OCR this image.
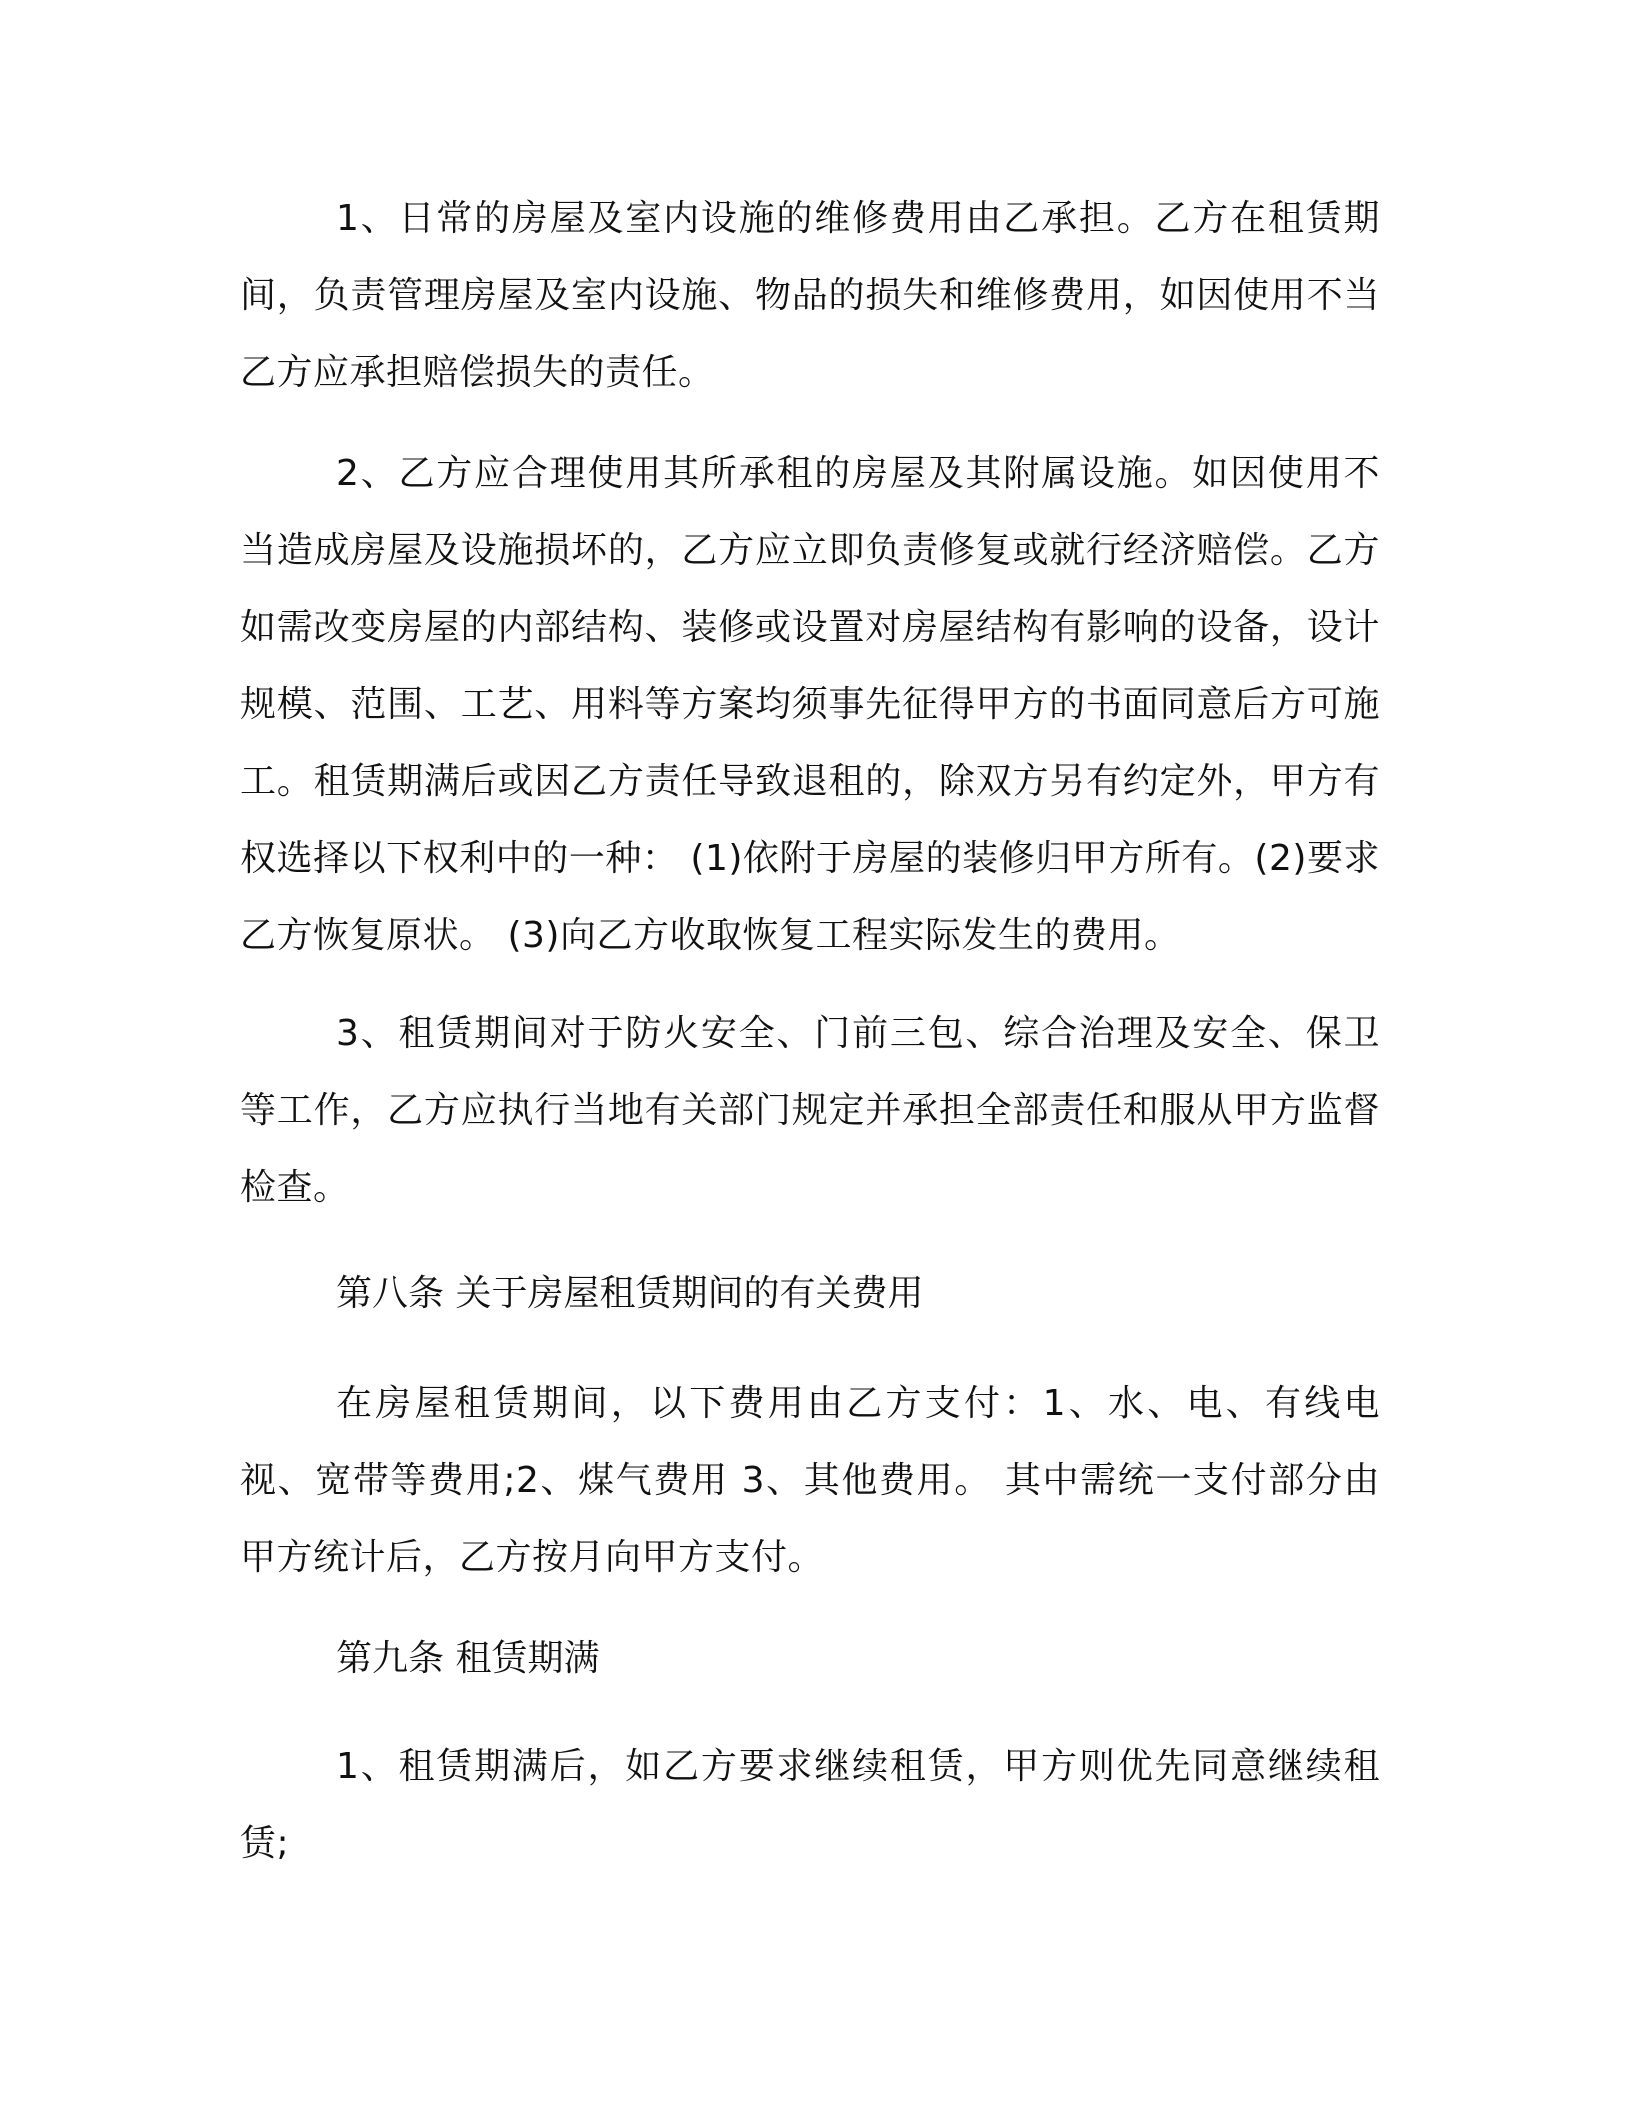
1、日常的房屋及室内设施的维修费用由乙承担。乙方在租赁期间，负责管理房屋及室内设施、物品的损失和维修费用，如因使用不当乙方应承担赔偿损失的责任。

2、乙方应合理使用其所承租的房屋及其附属设施。如因使用不当造成房屋及设施损坏的，乙方应立即负责修复或就行经济赔偿。乙方如需改变房屋的内部结构、装修或设置对房屋结构有影响的设备，设计规模、范围、工艺、用料等方案均须事先征得甲方的书面同意后方可施工。租赁期满后或因乙方责任导致退租的，除双方另有约定外，甲方有权选择以下权利中的一种： (1)依附于房屋的装修归甲方所有。(2)要求乙方恢复原状。 (3)向乙方收取恢复工程实际发生的费用。

3、租赁期间对于防火安全、门前三包、综合治理及安全、保卫等工作，乙方应执行当地有关部门规定并承担全部责任和服从甲方监督检查。

第八条 关于房屋租赁期间的有关费用

在房屋租赁期间，以下费用由乙方支付：1、水、电、有线电视、宽带等费用;2、煤气费用 3、其他费用。 其中需统一支付部分由甲方统计后，乙方按月向甲方支付。

第九条 租赁期满

1、租赁期满后，如乙方要求继续租赁，甲方则优先同意继续租赁;
